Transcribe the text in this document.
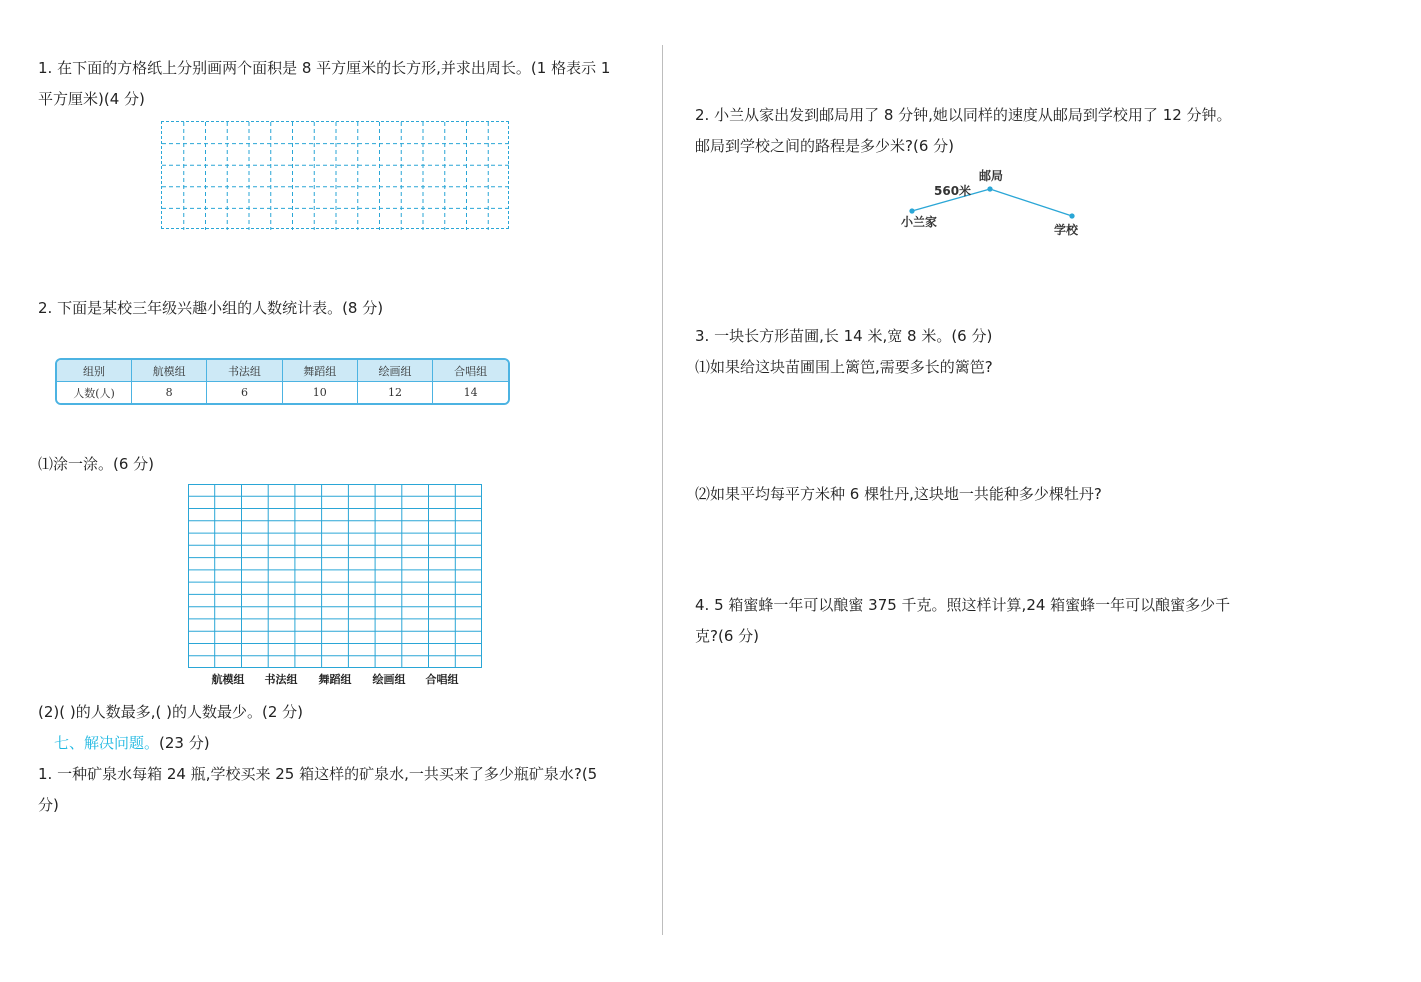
1. 在下面的方格纸上分别画两个面积是 8 平方厘米的长方形,并求出周长。(1 格表示 1
平方厘米)(4 分)
2. 下面是某校三年级兴趣小组的人数统计表。(8 分)
组别	航模组	书法组	舞蹈组	绘画组	合唱组
人数(人)	8	6	10	12	14
⑴涂一涂。(6 分)
航模组	书法组	舞蹈组	绘画组	合唱组
(2)( )的人数最多,( )的人数最少。(2 分)
七、解决问题。(23 分)
1. 一种矿泉水每箱 24 瓶,学校买来 25 箱这样的矿泉水,一共买来了多少瓶矿泉水?(5
分)
2. 小兰从家出发到邮局用了 8 分钟,她以同样的速度从邮局到学校用了 12 分钟。
邮局到学校之间的路程是多少米?(6 分)
邮局
560米
小兰家
学校
3. 一块长方形苗圃,长 14 米,宽 8 米。(6 分)
⑴如果给这块苗圃围上篱笆,需要多长的篱笆?
⑵如果平均每平方米种 6 棵牡丹,这块地一共能种多少棵牡丹?
4. 5 箱蜜蜂一年可以酿蜜 375 千克。照这样计算,24 箱蜜蜂一年可以酿蜜多少千
克?(6 分)
